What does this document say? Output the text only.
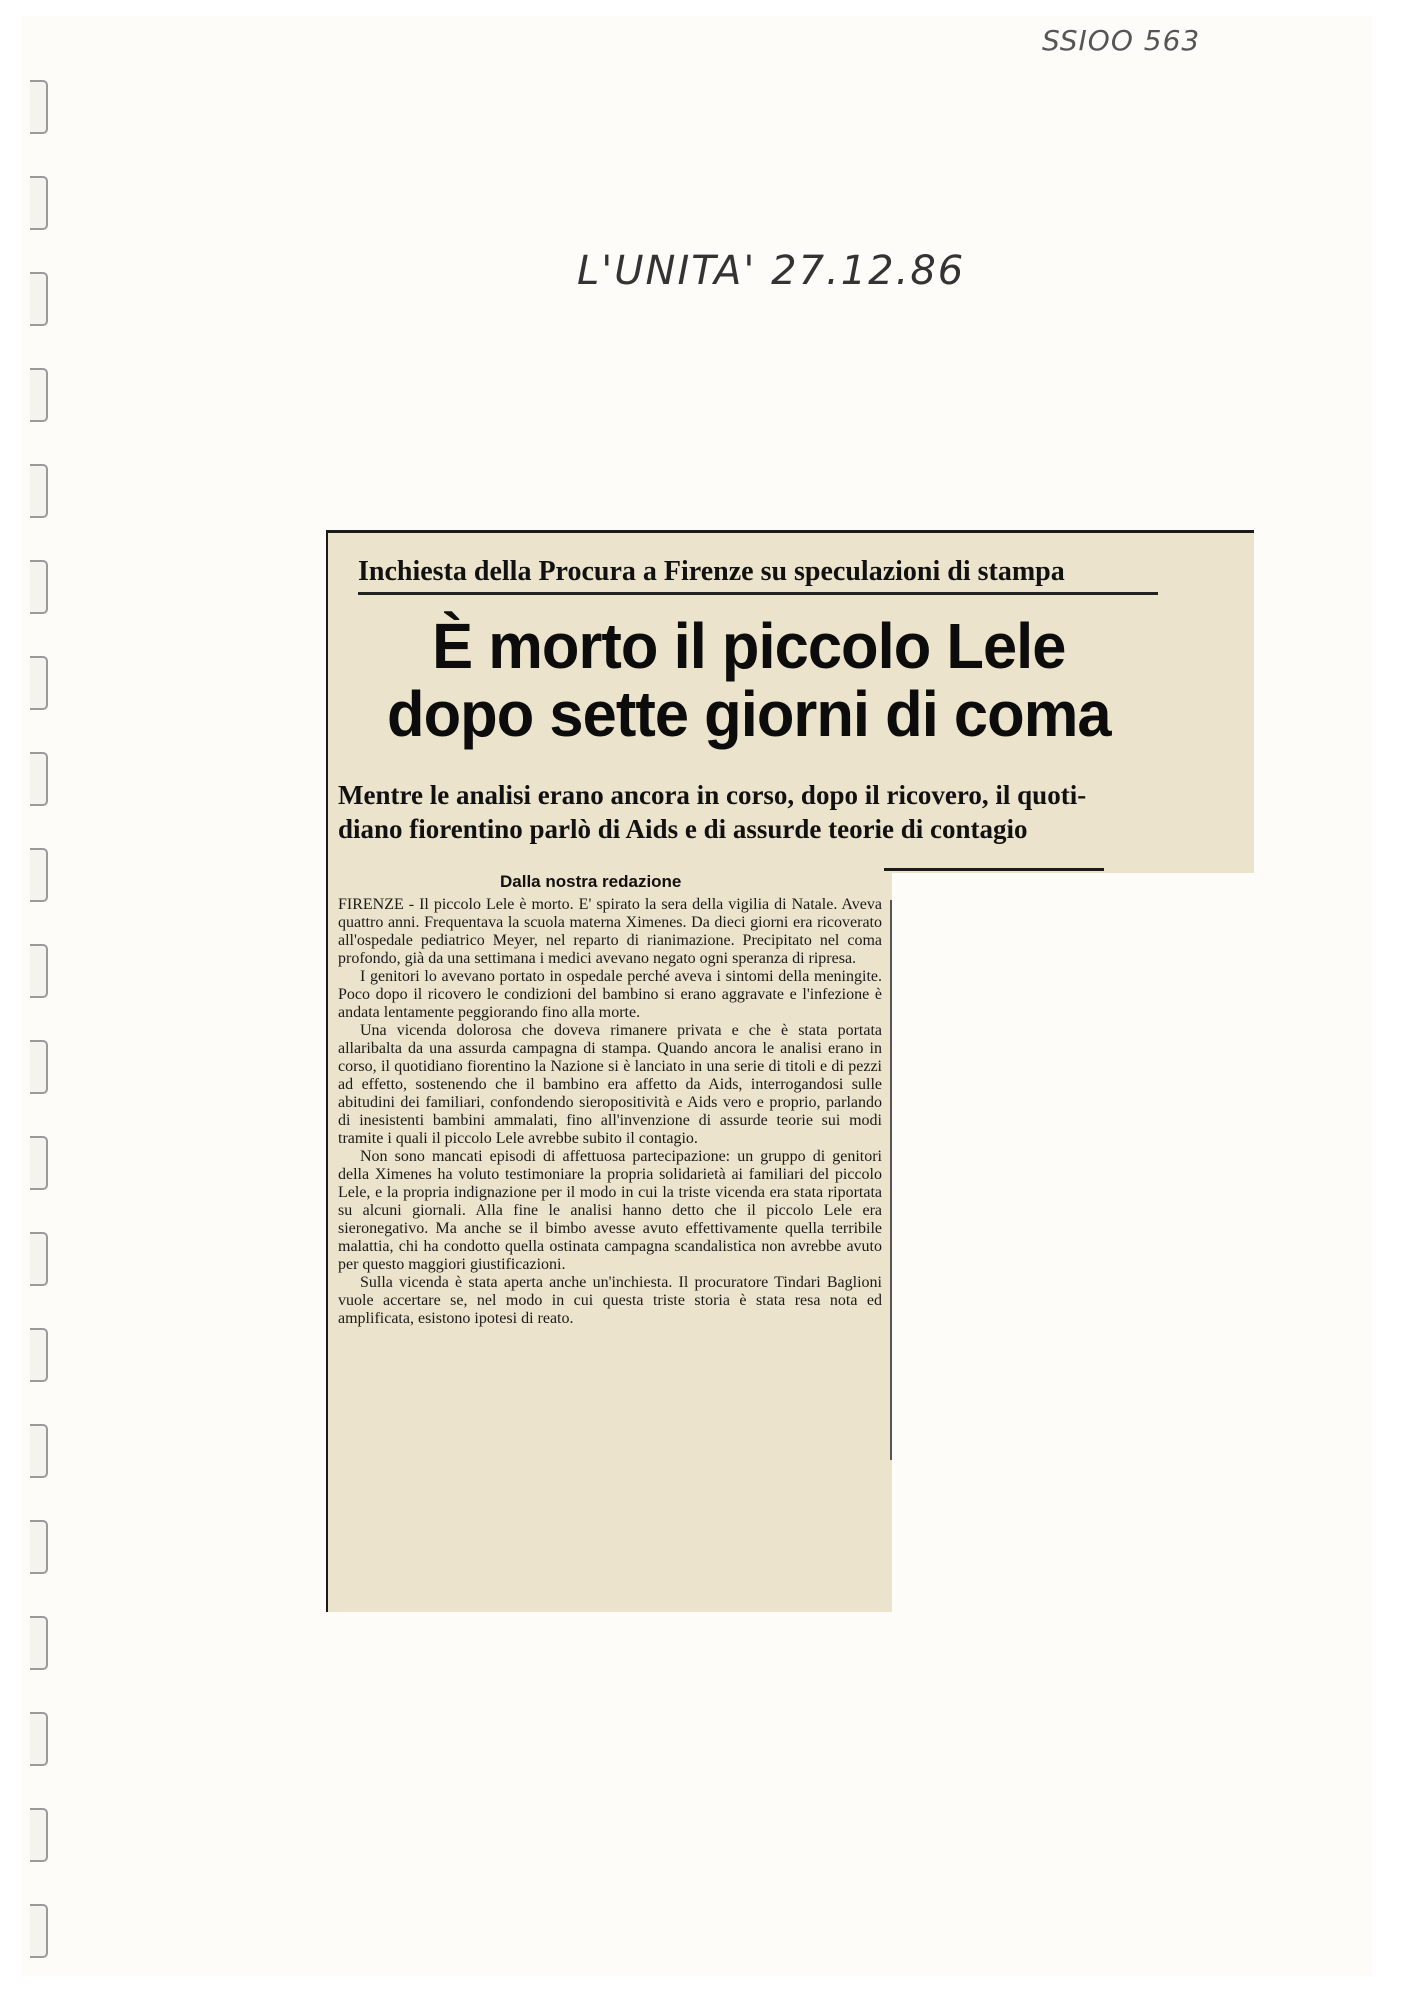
SSIOO 563
L'UNITA' 27.12.86
Inchiesta della Procura a Firenze su speculazioni di stampa
È morto il piccolo Lele
dopo sette giorni di coma
Mentre le analisi erano ancora in corso, dopo il ricovero, il quoti-
diano fiorentino parlò di Aids e di assurde teorie di contagio
Dalla nostra redazione

FIRENZE - Il piccolo Lele è morto. E' spirato la sera della vigilia di Natale. Aveva quattro anni. Frequentava la scuola materna Ximenes. Da dieci giorni era ricoverato all'ospedale pediatrico Meyer, nel reparto di rianimazione. Precipitato nel coma profondo, già da una settimana i medici avevano negato ogni speranza di ripresa.

I genitori lo avevano portato in ospedale perché aveva i sintomi della meningite. Poco dopo il ricovero le condizioni del bambino si erano aggravate e l'infezione è andata lentamente peggiorando fino alla morte.

Una vicenda dolorosa che doveva rimanere privata e che è stata portata allaribalta da una assurda campagna di stampa. Quando ancora le analisi erano in corso, il quotidiano fiorentino la Nazione si è lanciato in una serie di titoli e di pezzi ad effetto, sostenendo che il bambino era affetto da Aids, interrogandosi sulle abitudini dei familiari, confondendo sieropositività e Aids vero e proprio, parlando di inesistenti bambini ammalati, fino all'invenzione di assurde teorie sui modi tramite i quali il piccolo Lele avrebbe subito il contagio.

Non sono mancati episodi di affettuosa partecipazione: un gruppo di genitori della Ximenes ha voluto testimoniare la propria solidarietà ai familiari del piccolo Lele, e la propria indignazione per il modo in cui la triste vicenda era stata riportata su alcuni giornali. Alla fine le analisi hanno detto che il piccolo Lele era sieronegativo. Ma anche se il bimbo avesse avuto effettivamente quella terribile malattia, chi ha condotto quella ostinata campagna scandalistica non avrebbe avuto per questo maggiori giustificazioni.

Sulla vicenda è stata aperta anche un'inchiesta. Il procuratore Tindari Baglioni vuole accertare se, nel modo in cui questa triste storia è stata resa nota ed amplificata, esistono ipotesi di reato.
